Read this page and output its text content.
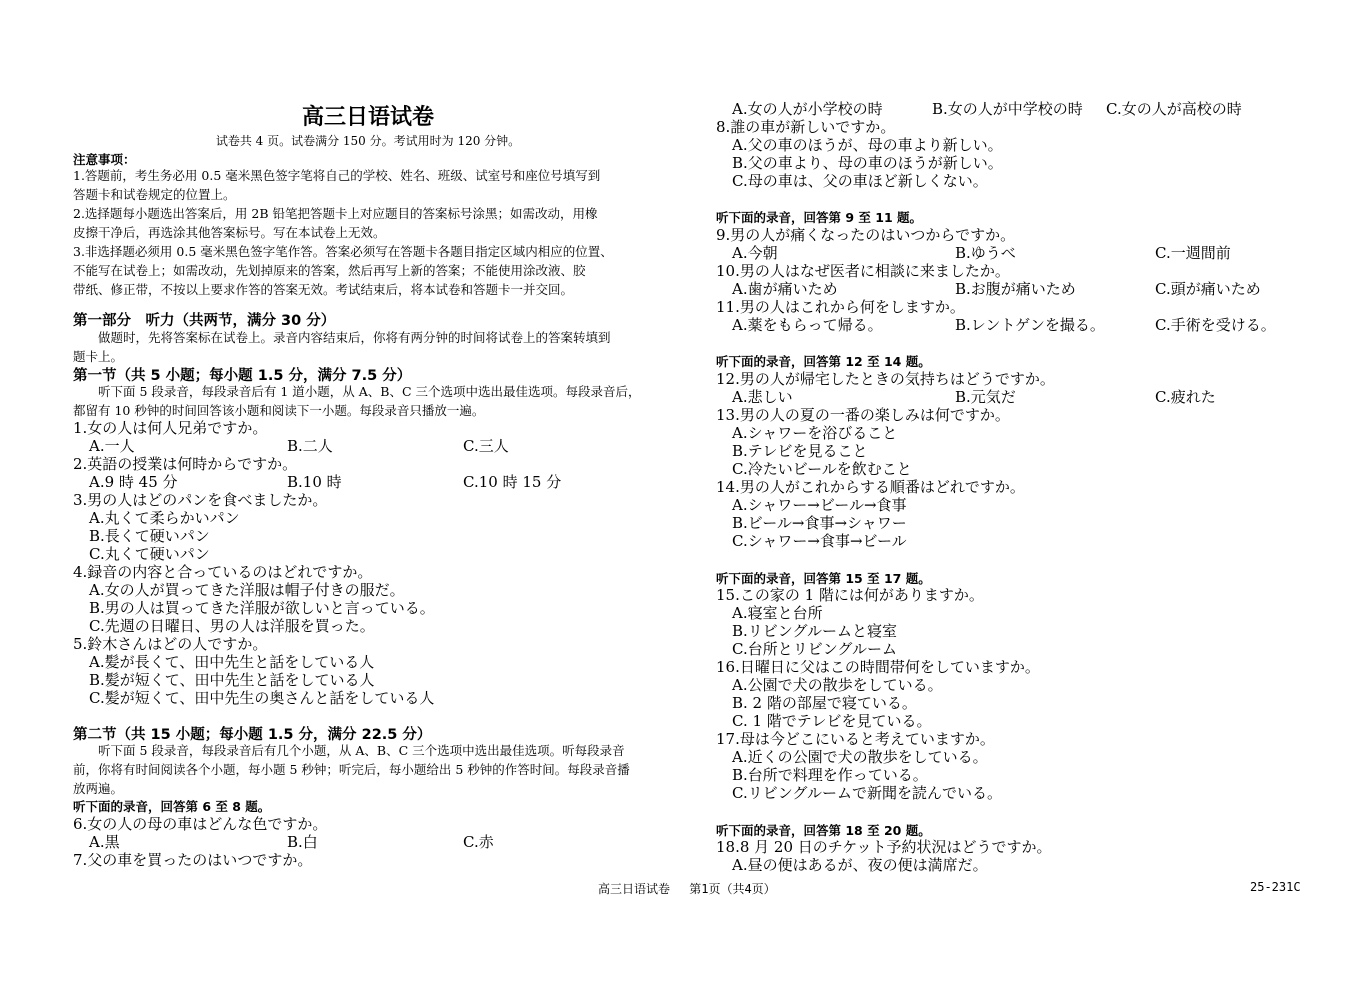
高三日语试卷
试卷共 4 页。试卷满分 150 分。考试用时为 120 分钟。
注意事项：
1.答题前，考生务必用 0.5 毫米黑色签字笔将自己的学校、姓名、班级、试室号和座位号填写到
答题卡和试卷规定的位置上。
2.选择题每小题选出答案后，用 2B 铅笔把答题卡上对应题目的答案标号涂黑；如需改动，用橡
皮擦干净后，再选涂其他答案标号。写在本试卷上无效。
3.非选择题必须用 0.5 毫米黑色签字笔作答。答案必须写在答题卡各题目指定区域内相应的位置、
不能写在试卷上；如需改动，先划掉原来的答案，然后再写上新的答案；不能使用涂改液、胶
带纸、修正带，不按以上要求作答的答案无效。考试结束后，将本试卷和答题卡一并交回。
第一部分　听力（共两节，满分 30 分）
　　做题时，先将答案标在试卷上。录音内容结束后，你将有两分钟的时间将试卷上的答案转填到
题卡上。
第一节（共 5 小题；每小题 1.5 分，满分 7.5 分）
　　听下面 5 段录音，每段录音后有 1 道小题，从 A、B、C 三个选项中选出最佳选项。每段录音后，
都留有 10 秒钟的时间回答该小题和阅读下一小题。每段录音只播放一遍。
1.女の人は何人兄弟ですか。
A.一人	B.二人	C.三人
2.英語の授業は何時からですか。
A.9 時 45 分	B.10 時	C.10 時 15 分
3.男の人はどのパンを食べましたか。
A.丸くて柔らかいパン
B.長くて硬いパン
C.丸くて硬いパン
4.録音の内容と合っているのはどれですか。
A.女の人が買ってきた洋服は帽子付きの服だ。
B.男の人は買ってきた洋服が欲しいと言っている。
C.先週の日曜日、男の人は洋服を買った。
5.鈴木さんはどの人ですか。
A.髪が長くて、田中先生と話をしている人
B.髪が短くて、田中先生と話をしている人
C.髪が短くて、田中先生の奥さんと話をしている人
第二节（共 15 小题；每小题 1.5 分，满分 22.5 分）
　　听下面 5 段录音，每段录音后有几个小题，从 A、B、C 三个选项中选出最佳选项。听每段录音
前，你将有时间阅读各个小题，每小题 5 秒钟；听完后，每小题给出 5 秒钟的作答时间。每段录音播
放两遍。
听下面的录音，回答第 6 至 8 题。
6.女の人の母の車はどんな色ですか。
A.黒	B.白	C.赤
7.父の車を買ったのはいつですか。
A.女の人が小学校の時	B.女の人が中学校の時 C.女の人が高校の時
8.誰の車が新しいですか。
A.父の車のほうが、母の車より新しい。
B.父の車より、母の車のほうが新しい。
C.母の車は、父の車ほど新しくない。
听下面的录音，回答第 9 至 11 题。
9.男の人が痛くなったのはいつからですか。
A.今朝	B.ゆうべ	C.一週間前
10.男の人はなぜ医者に相談に来ましたか。
A.歯が痛いため	B.お腹が痛いため	C.頭が痛いため
11.男の人はこれから何をしますか。
A.薬をもらって帰る。	B.レントゲンを撮る。	C.手術を受ける。
听下面的录音，回答第 12 至 14 题。
12.男の人が帰宅したときの気持ちはどうですか。
A.悲しい	B.元気だ	C.疲れた
13.男の人の夏の一番の楽しみは何ですか。
A.シャワーを浴びること
B.テレビを見ること
C.冷たいビールを飲むこと
14.男の人がこれからする順番はどれですか。
A.シャワー→ビール→食事
B.ビール→食事→シャワー
C.シャワー→食事→ビール
听下面的录音，回答第 15 至 17 题。
15.この家の 1 階には何がありますか。
A.寝室と台所
B.リビングルームと寝室
C.台所とリビングルーム
16.日曜日に父はこの時間帯何をしていますか。
A.公園で犬の散歩をしている。
B. 2 階の部屋で寝ている。
C. 1 階でテレビを見ている。
17.母は今どこにいると考えていますか。
A.近くの公園で犬の散歩をしている。
B.台所で料理を作っている。
C.リビングルームで新聞を読んでいる。
听下面的录音，回答第 18 至 20 题。
18.8 月 20 日のチケット予約状況はどうですか。
A.昼の便はあるが、夜の便は満席だ。
高三日语试卷　 第1页（共4页）	25-231C
